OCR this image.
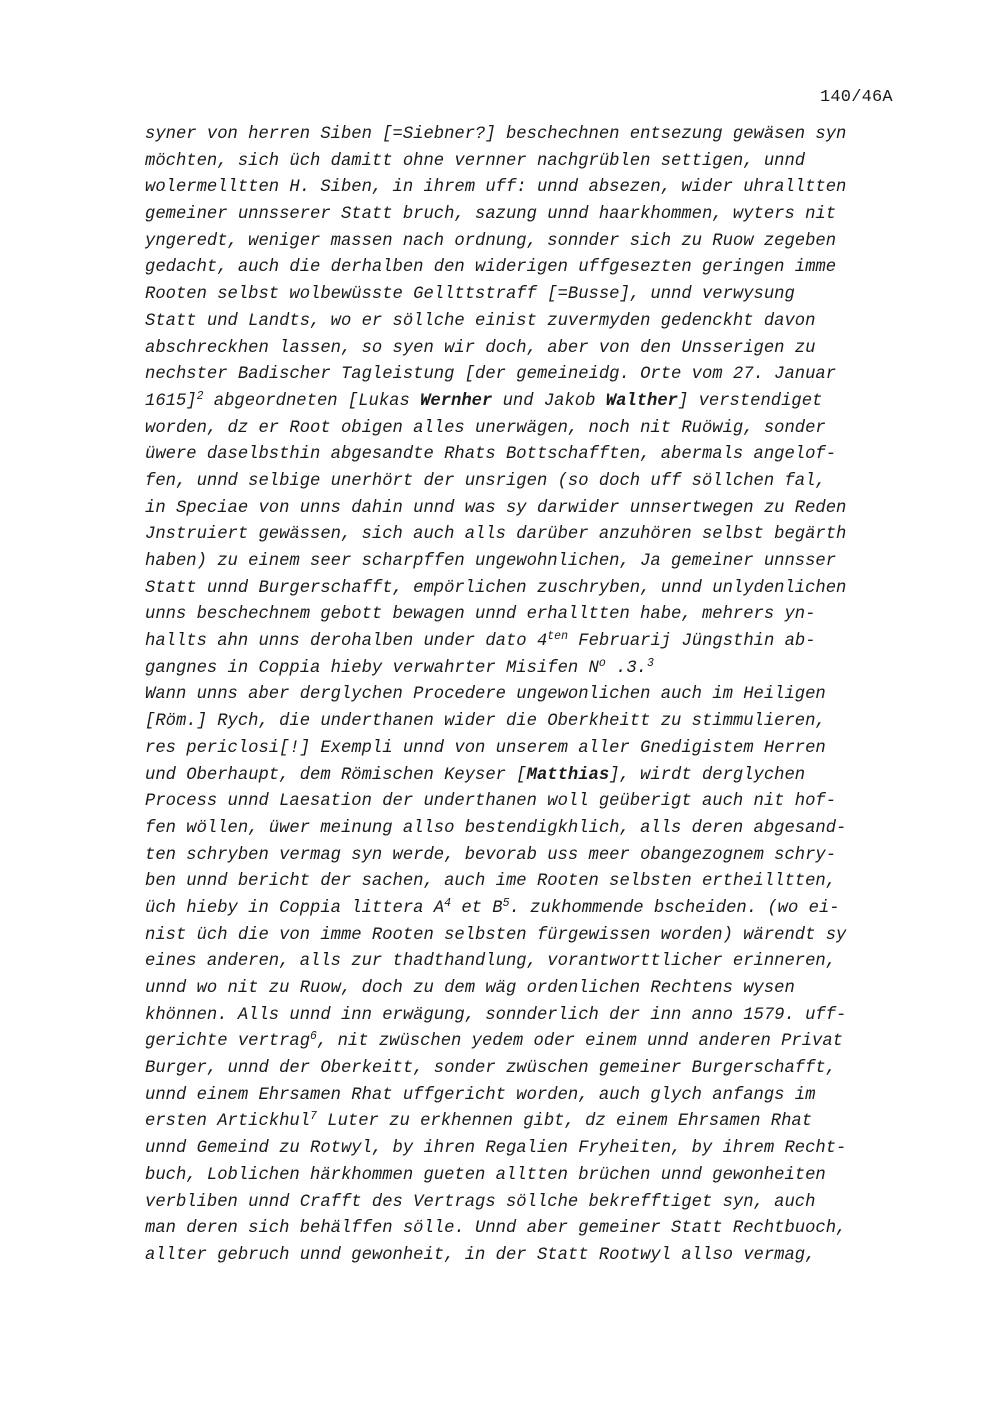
140/46A
syner von herren Siben [=Siebner?] beschechnen entsezung gewäsen syn
möchten, sich üch damitt ohne vernner nachgrüblen settigen, unnd
wolermelltten H. Siben, in ihrem uff: unnd absezen, wider uhralltten
gemeiner unnsserer Statt bruch, sazung unnd haarkhommen, wyters nit
yngeredt, weniger massen nach ordnung, sonnder sich zu Ruow zegeben
gedacht, auch die derhalben den widerigen uffgesezten geringen imme
Rooten selbst wolbewüsste Gellttstraff [=Busse], unnd verwysung
Statt und Landts, wo er söllche einist zuvermyden gedenckht davon
abschreckhen lassen, so syen wir doch, aber von den Unsserigen zu
nechster Badischer Tagleistung [der gemeineidg. Orte vom 27. Januar
1615]$^2$ abgeordneten [Lukas Wernher und Jakob Walther] verstendiget
worden, dz er Root obigen alles unerwägen, noch nit Ruöwig, sonder
üwere daselbsthin abgesandte Rhats Bottschafften, abermals angelof-
fen, unnd selbige unerhört der unsrigen (so doch uff söllchen fal,
in Speciae von unns dahin unnd was sy darwider unnsertwegen zu Reden
Jnstruiert gewässen, sich auch alls darüber anzuhören selbst begärth
haben) zu einem seer scharpffen ungewohnlichen, Ja gemeiner unnsser
Statt unnd Burgerschafft, empörlichen zuschryben, unnd unlydenlichen
unns beschechnem gebott bewagen unnd erhalltten habe, mehrers yn-
hallts ahn unns derohalben under dato $4^{ten}$ Februarij Jüngsthin ab-
gangnes in Coppia hieby verwahrter Misifen $N^o$ .3.$^3$
Wann unns aber derglychen Procedere ungewonlichen auch im Heiligen
[Röm.] Rych, die underthanen wider die Oberkheitt zu stimmulieren,
res periclosi[!] Exempli unnd von unserem aller Gnedigistem Herren
und Oberhaupt, dem Römischen Keyser [Matthias], wirdt derglychen
Process unnd Laesation der underthanen woll geüberigt auch nit hof-
fen wöllen, üwer meinung allso bestendigkhlich, alls deren abgesand-
ten schryben vermag syn werde, bevorab uss meer obangezognem schry-
ben unnd bericht der sachen, auch ime Rooten selbsten ertheilltten,
üch hieby in Coppia littera $A^4$ et $B^5$. zukhommende bscheiden. (wo ei-
nist üch die von imme Rooten selbsten fürgewissen worden) wärendt sy
eines anderen, alls zur thadthandlung, vorantworttlicher erinneren,
unnd wo nit zu Ruow, doch zu dem wäg ordenlichen Rechtens wysen
khönnen. Alls unnd inn erwägung, sonnderlich der inn anno 1579. uff-
gerichte vertrag$^6$, nit zwüschen yedem oder einem unnd anderen Privat
Burger, unnd der Oberkeitt, sonder zwüschen gemeiner Burgerschafft,
unnd einem Ehrsamen Rhat uffgericht worden, auch glych anfangs im
ersten Artickhul$^7$ Luter zu erkhennen gibt, dz einem Ehrsamen Rhat
unnd Gemeind zu Rotwyl, by ihren Regalien Fryheiten, by ihrem Recht-
buch, Loblichen härkhommen gueten alltten brüchen unnd gewonheiten
verbliben unnd Crafft des Vertrags söllche bekrefftiget syn, auch
man deren sich behälffen sölle. Unnd aber gemeiner Statt Rechtbuoch,
allter gebruch unnd gewonheit, in der Statt Rootwyl allso vermag,
